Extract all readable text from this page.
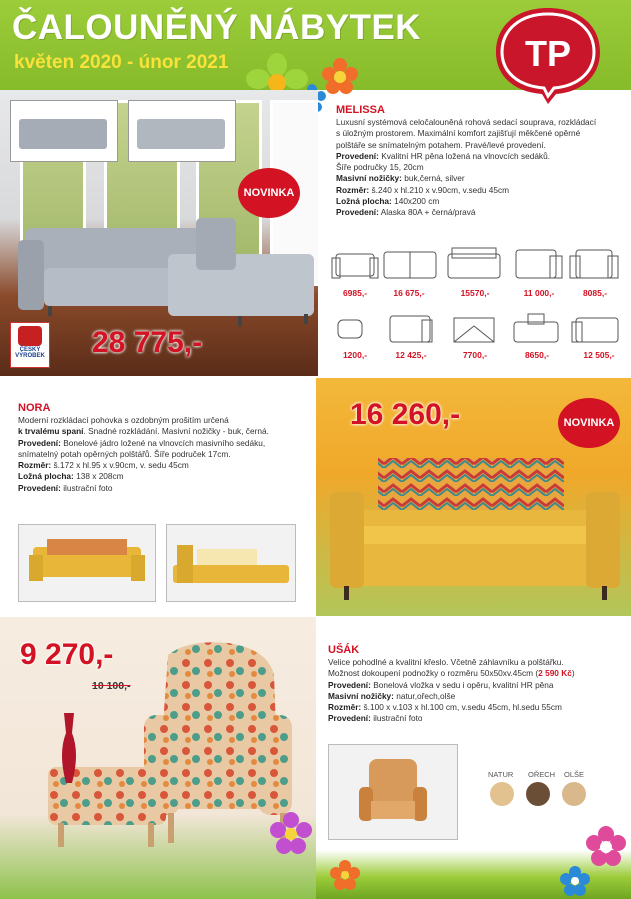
ČALOUNĚNÝ NÁBYTEK
květen 2020 - únor 2021	TP
28 775,-
ČESKÝ
VÝROBEK
NOVINKA
MELISSA
Luxusní systémová celočalouněná rohová sedací souprava, rozkládací s úložným prostorem. Maximální komfort zajišťují měkčené opěrné polštáře se snímatelným potahem. Pravé/levé provedení.
Provedení: Kvalitní HR pěna ložená na vlnovcích sedáků.
Šíře područky 15, 20cm
Masivní nožičky: buk,černá, silver
Rozměr: š.240 x hl.210 x v.90cm, v.sedu 45cm
Ložná plocha: 140x200 cm
Provedení: Alaska 80A + černá/pravá
6985,-	16 675,-	15570,-	11 000,-	8085,-
1200,-	12 425,-	7700,-	8650,-	12 505,-
NORA
Moderní rozkládací pohovka s ozdobným prošitím určená
k trvalému spaní. Snadné rozkládání. Masivní nožičky - buk, černá.
Provedení: Bonelové jádro ložené na vlnovcích masivního sedáku, snímatelný potah opěrných polštářů. Šíře područek 17cm.
Rozměr: š.172 x hl.95 x v.90cm, v. sedu 45cm
Ložná plocha: 138 x 208cm
Provedení: ilustrační foto
16 260,-	NOVINKA
9 270,-
10 100,-
UŠÁK
Velice pohodlné a kvalitní křeslo. Včetně záhlavníku a polštářku.
Možnost dokoupení podnožky o rozměru 50x50xv.45cm (2 590 Kč)
Provedení: Bonelová vložka v sedu i opěru, kvalitní HR pěna
Masivní nožičky: natur,ořech,olše
Rozměr: š.100 x v.103 x hl.100 cm, v.sedu 45cm, hl.sedu 55cm
Provedení: ilustrační foto
NATUR OŘECH OLŠE
